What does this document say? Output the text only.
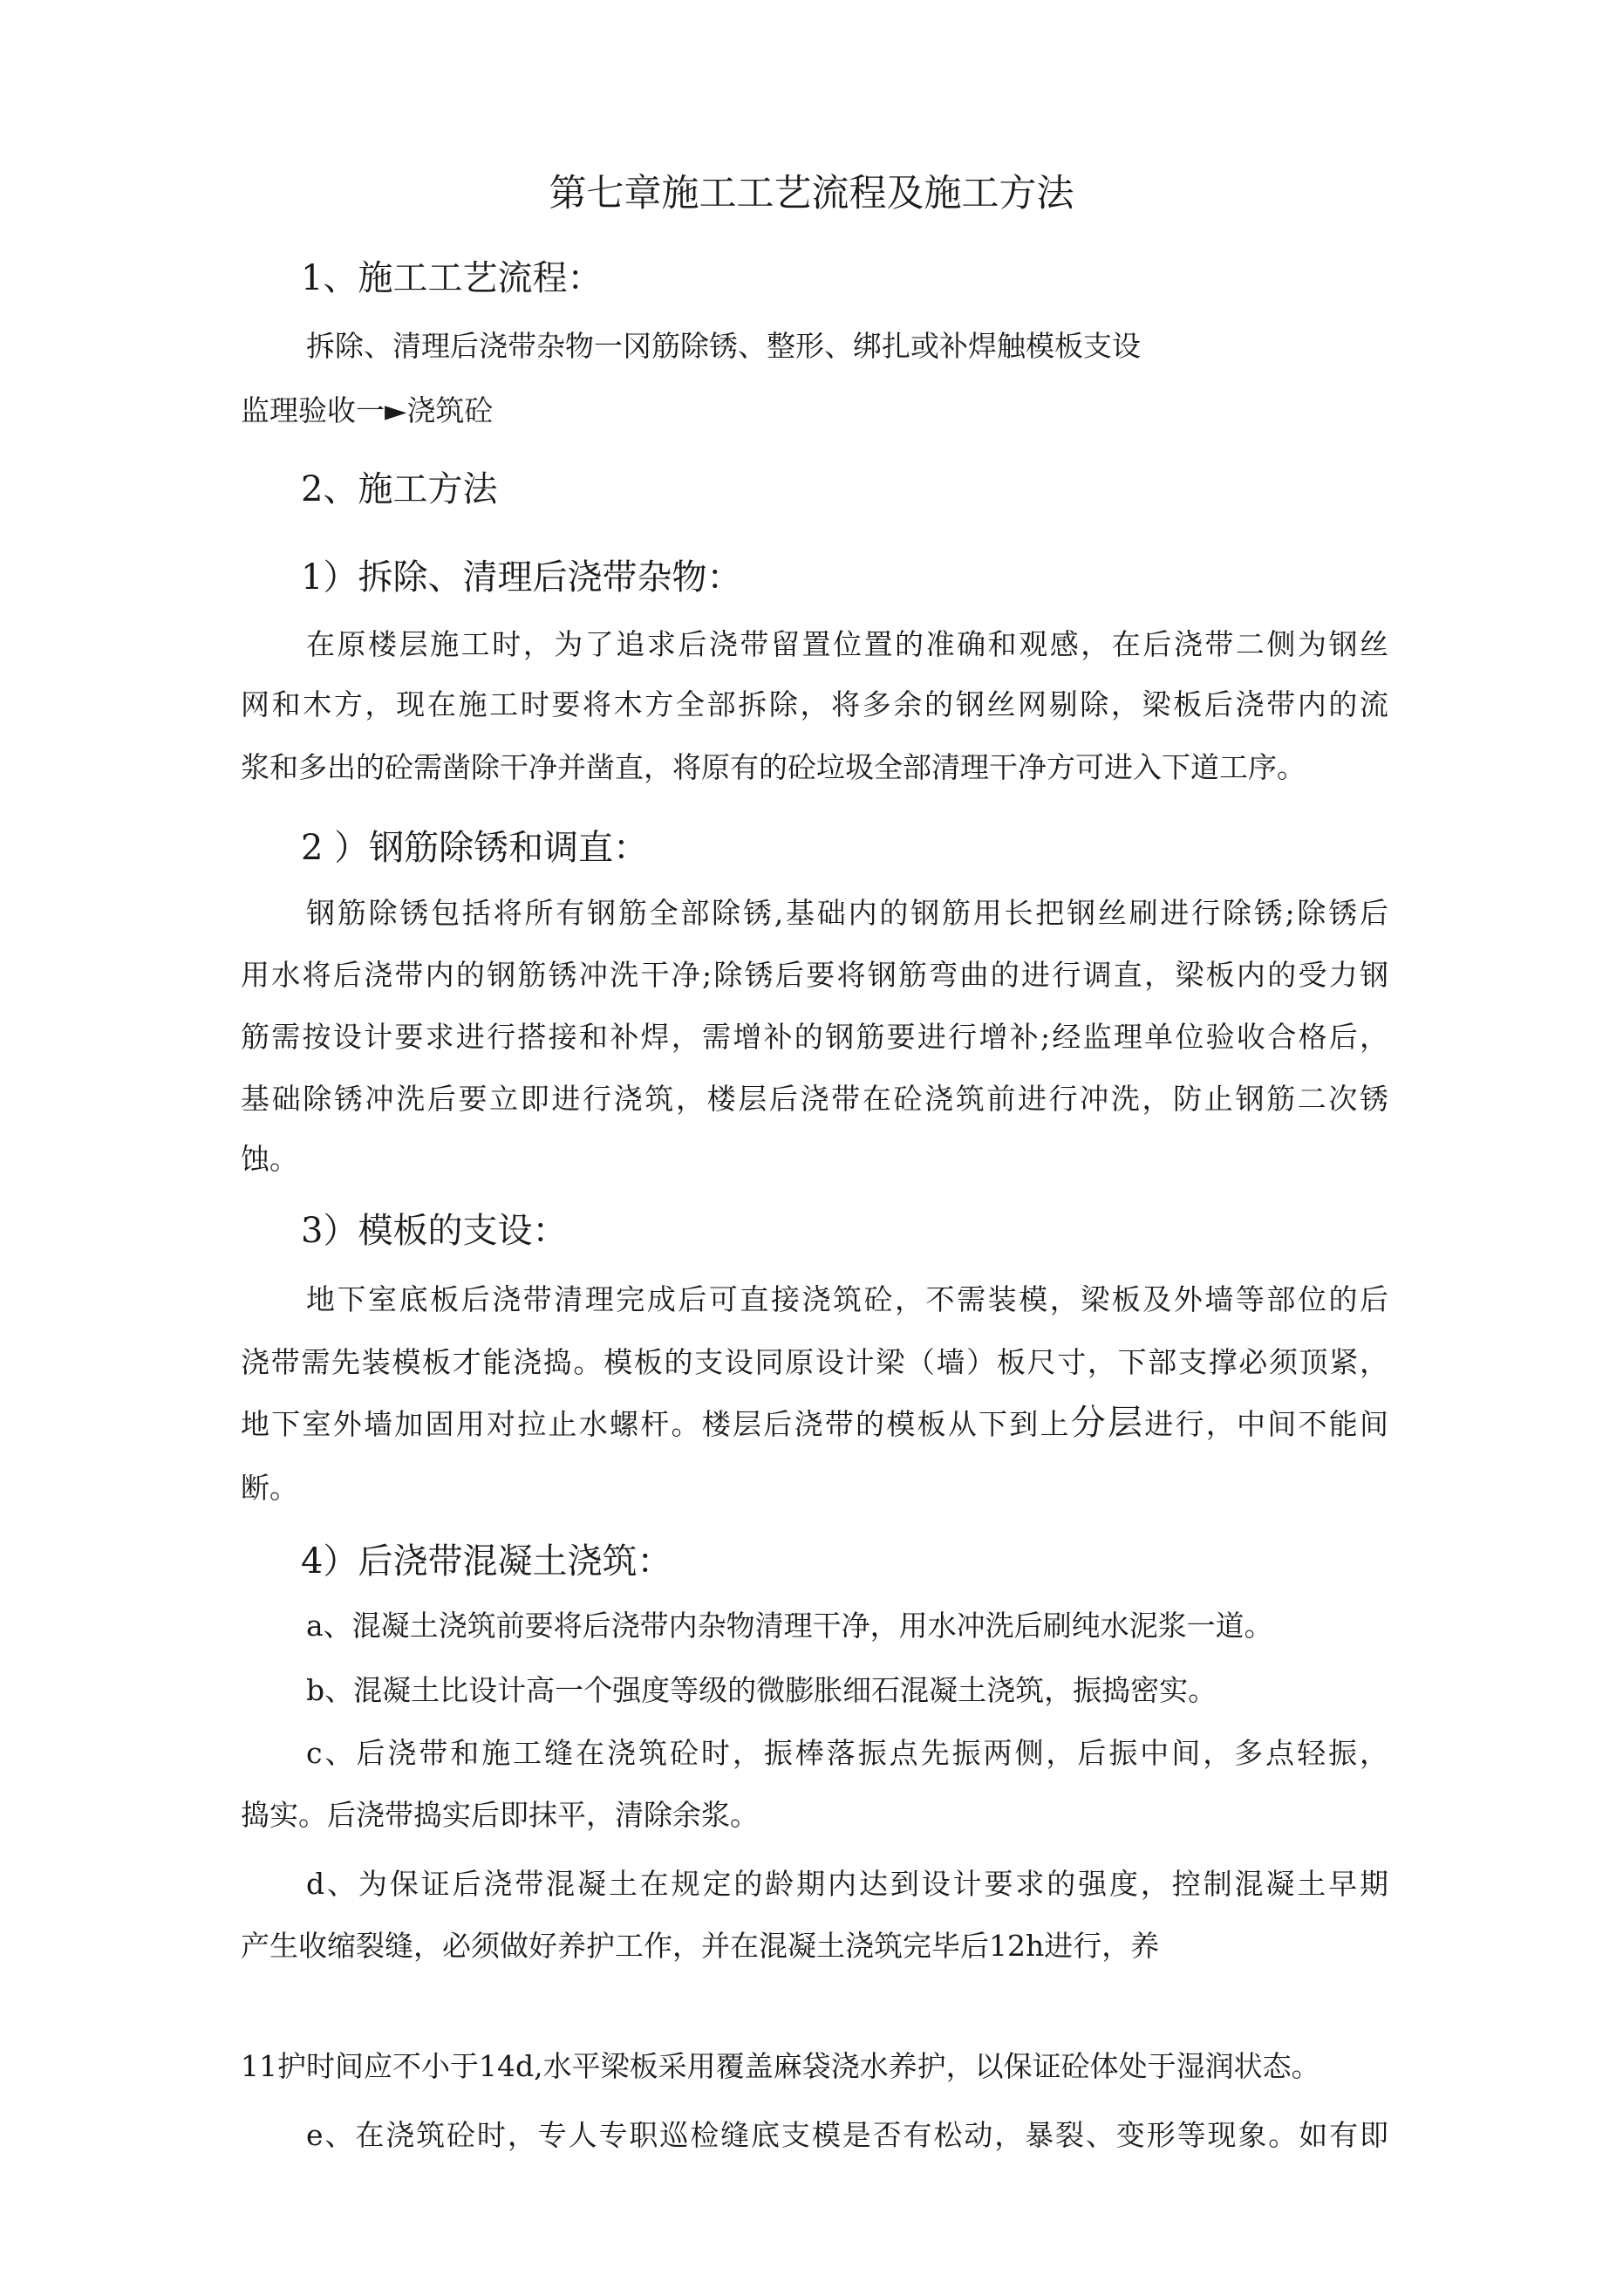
第七章施工工艺流程及施工方法
1、施工工艺流程：
拆除、清理后浇带杂物一冈筋除锈、整形、绑扎或补焊触模板支设
监理验收一►浇筑砼
2、施工方法
1）拆除、清理后浇带杂物：
在原楼层施工时，为了追求后浇带留置位置的准确和观感，在后浇带二侧为钢丝
网和木方，现在施工时要将木方全部拆除，将多余的钢丝网剔除，梁板后浇带内的流
浆和多出的砼需凿除干净并凿直，将原有的砼垃圾全部清理干净方可进入下道工序。
2 ）钢筋除锈和调直：
钢筋除锈包括将所有钢筋全部除锈,基础内的钢筋用长把钢丝刷进行除锈;除锈后
用水将后浇带内的钢筋锈冲洗干净;除锈后要将钢筋弯曲的进行调直，梁板内的受力钢
筋需按设计要求进行搭接和补焊，需增补的钢筋要进行增补;经监理单位验收合格后，
基础除锈冲洗后要立即进行浇筑，楼层后浇带在砼浇筑前进行冲洗，防止钢筋二次锈
蚀。
3）模板的支设：
地下室底板后浇带清理完成后可直接浇筑砼，不需装模，梁板及外墙等部位的后
浇带需先装模板才能浇捣。模板的支设同原设计梁（墙）板尺寸，下部支撑必须顶紧，
地下室外墙加固用对拉止水螺杆。楼层后浇带的模板从下到上分层进行，中间不能间
断。
4）后浇带混凝土浇筑：
a、混凝土浇筑前要将后浇带内杂物清理干净，用水冲洗后刷纯水泥浆一道。
b、混凝土比设计高一个强度等级的微膨胀细石混凝土浇筑，振捣密实。
c、后浇带和施工缝在浇筑砼时，振棒落振点先振两侧，后振中间，多点轻振，
捣实。后浇带捣实后即抹平，清除余浆。
d、为保证后浇带混凝土在规定的龄期内达到设计要求的强度，控制混凝土早期
产生收缩裂缝，必须做好养护工作，并在混凝土浇筑完毕后12h进行，养
11护时间应不小于14d,水平梁板采用覆盖麻袋浇水养护，以保证砼体处于湿润状态。
e、在浇筑砼时，专人专职巡检缝底支模是否有松动，暴裂、变形等现象。如有即
